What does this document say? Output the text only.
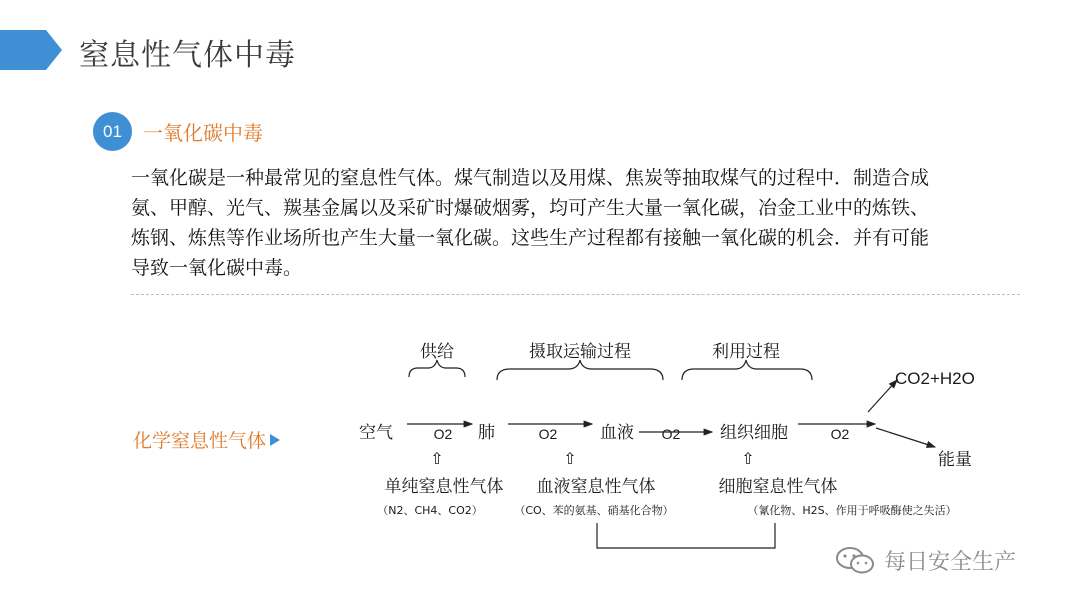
窒息性气体中毒
01	一氧化碳中毒
一氧化碳是一种最常见的窒息性气体。煤气制造以及用煤、焦炭等抽取煤气的过程中．制造合成
氨、甲醇、光气、羰基金属以及采矿时爆破烟雾，均可产生大量一氧化碳，冶金工业中的炼铁、
炼钢、炼焦等作业场所也产生大量一氧化碳。这些生产过程都有接触一氧化碳的机会．并有可能
导致一氧化碳中毒。
化学窒息性气体
供给	摄取运输过程	利用过程
空气	肺	血液	组织细胞
能量
单纯窒息性气体 血液窒息性气体	细胞窒息性气体
O2	O2	O2	O2
CO2+H2O
⇧	⇧	⇧
（N2、CH4、CO2）	（CO、苯的氨基、硝基化合物）	（氰化物、H2S、作用于呼吸酶使之失活）
每日安全生产
